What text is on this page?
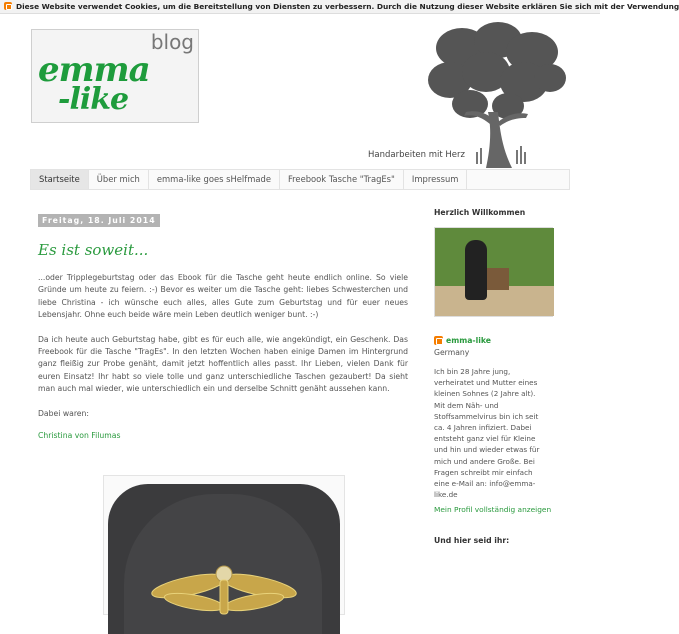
Diese Website verwendet Cookies, um die Bereitstellung von Diensten zu verbessern. Durch die Nutzung dieser Website erklären Sie sich mit der Verwendung
blog
emma
-like
Handarbeiten mit Herz
Startseite	Über mich	emma-like goes sHelfmade	Freebook Tasche "TragEs"	Impressum
Freitag, 18. Juli 2014
Es ist soweit...

...oder Tripplegeburtstag oder das Ebook für die Tasche geht heute endlich online. So viele Gründe um heute zu feiern. :-) Bevor es weiter um die Tasche geht: liebes Schwesterchen und liebe Christina - ich wünsche euch alles, alles Gute zum Geburtstag und für euer neues Lebensjahr. Ohne euch beide wäre mein Leben deutlich weniger bunt. :-)

Da ich heute auch Geburtstag habe, gibt es für euch alle, wie angekündigt, ein Geschenk. Das Freebook für die Tasche "TragEs". In den letzten Wochen haben einige Damen im Hintergrund ganz fleißig zur Probe genäht, damit jetzt hoffentlich alles passt. Ihr Lieben, vielen Dank für euren Einsatz! Ihr habt so viele tolle und ganz unterschiedliche Taschen gezaubert! Da sieht man auch mal wieder, wie unterschiedlich ein und derselbe Schnitt genäht aussehen kann.

Dabei waren:
Christina von Filumas
Herzlich Willkommen
emma-like
Germany
Ich bin 28 Jahre jung, verheiratet und Mutter eines kleinen Sohnes (2 Jahre alt). Mit dem Näh- und Stoffsammelvirus bin ich seit ca. 4 Jahren infiziert. Dabei entsteht ganz viel für Kleine und hin und wieder etwas für mich und andere Große. Bei Fragen schreibt mir einfach eine e-Mail an: info@emma-like.de
Mein Profil vollständig anzeigen
Und hier seid ihr:
